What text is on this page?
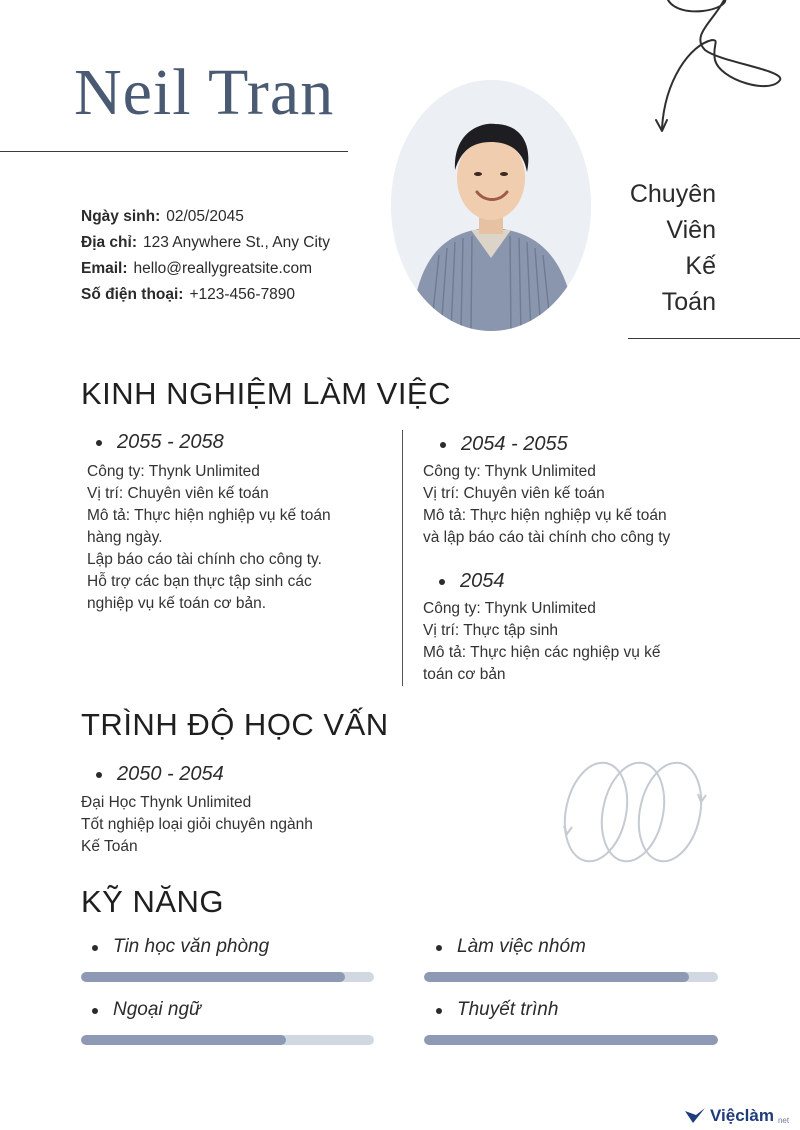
Neil Tran
Ngày sinh: 02/05/2045
Địa chỉ: 123 Anywhere St., Any City
Email: hello@reallygreatsite.com
Số điện thoại: +123-456-7890
Chuyên
Viên
Kế
Toán
KINH NGHIỆM LÀM VIỆC
2055 - 2058
Công ty: Thynk Unlimited
Vị trí: Chuyên viên kế toán
Mô tả: Thực hiện nghiệp vụ kế toán
hàng ngày.
Lập báo cáo tài chính cho công ty.
Hỗ trợ các bạn thực tập sinh các
nghiệp vụ kế toán cơ bản.
2054 - 2055
Công ty: Thynk Unlimited
Vị trí: Chuyên viên kế toán
Mô tả: Thực hiện nghiệp vụ kế toán
và lập báo cáo tài chính cho công ty
2054
Công ty: Thynk Unlimited
Vị trí: Thực tập sinh
Mô tả: Thực hiện các nghiệp vụ kế
toán cơ bản
TRÌNH ĐỘ HỌC VẤN
2050 - 2054
Đại Học Thynk Unlimited
Tốt nghiệp loại giỏi chuyên ngành
Kế Toán
KỸ NĂNG
Tin học văn phòng	Làm việc nhóm
Ngoại ngữ	Thuyết trình
Việclàm net
